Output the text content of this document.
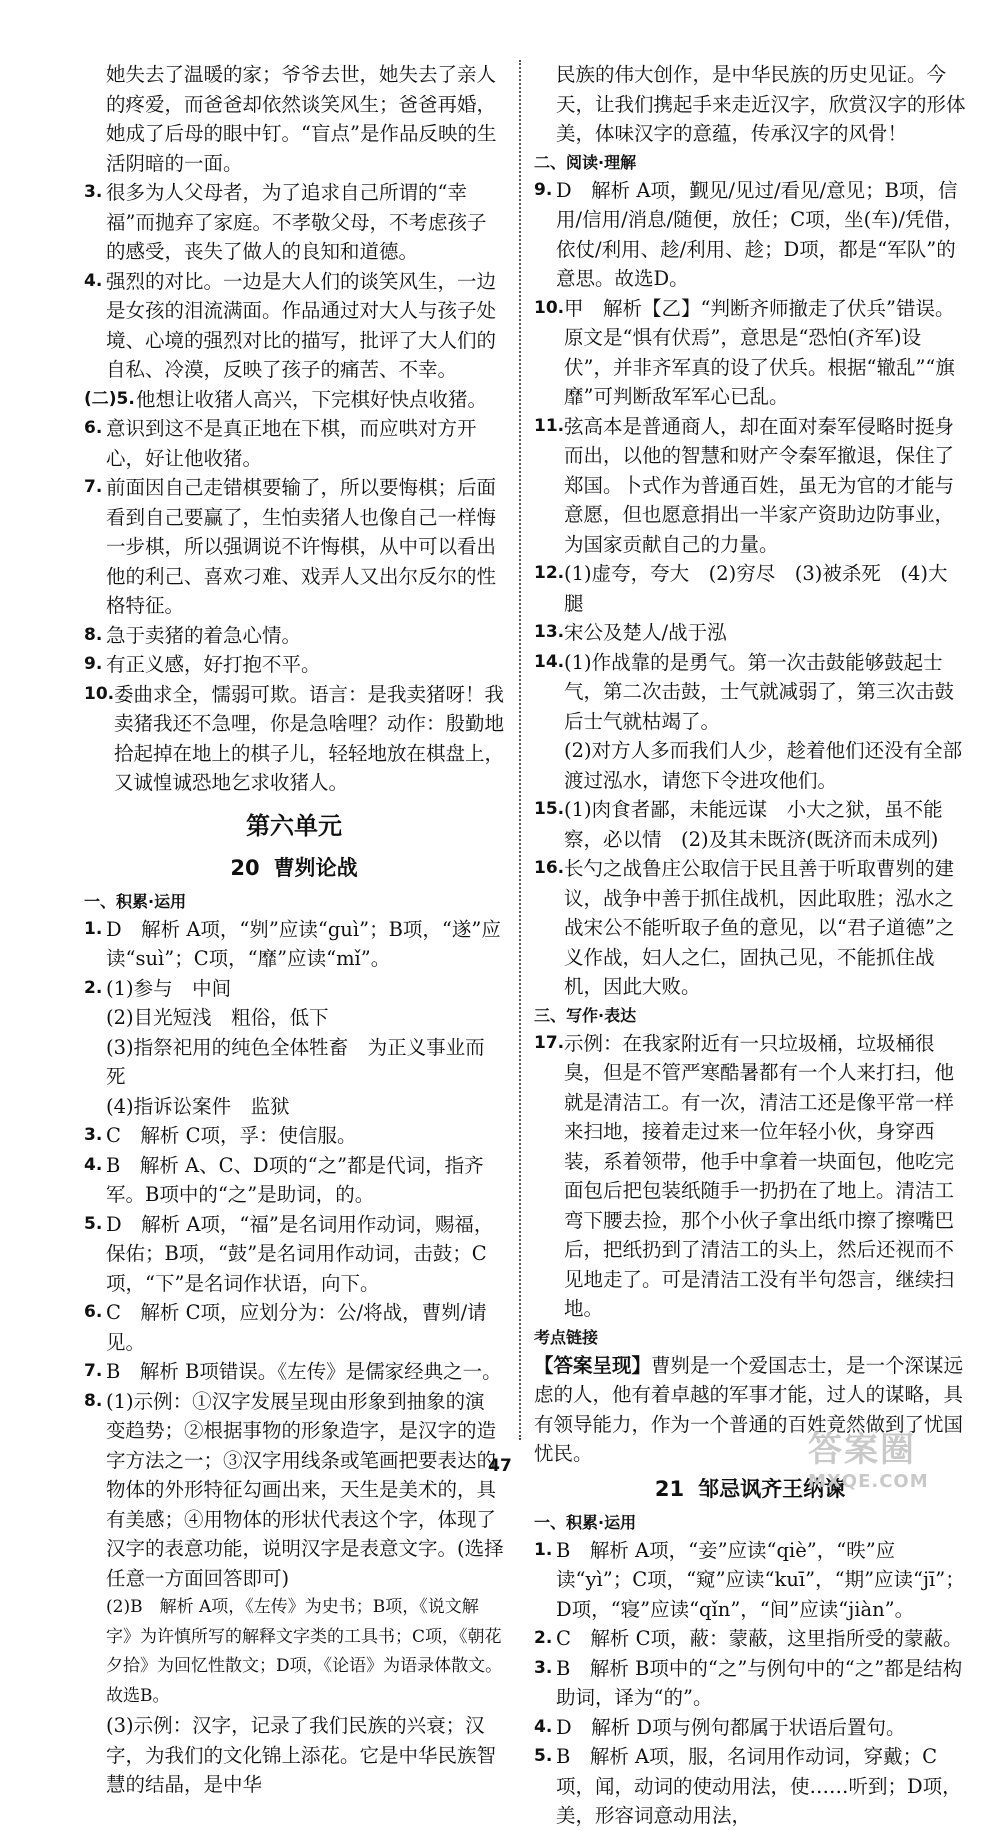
她失去了温暖的家；爷爷去世，她失去了亲人的疼爱，而爸爸却依然谈笑风生；爸爸再婚，她成了后母的眼中钉。“盲点”是作品反映的生活阴暗的一面。

3. 很多为人父母者，为了追求自己所谓的“幸福”而抛弃了家庭。不孝敬父母，不考虑孩子的感受，丧失了做人的良知和道德。
4. 强烈的对比。一边是大人们的谈笑风生，一边是女孩的泪流满面。作品通过对大人与孩子处境、心境的强烈对比的描写，批评了大人们的自私、冷漠，反映了孩子的痛苦、不幸。
(二)5. 他想让收猪人高兴，下完棋好快点收猪。
6. 意识到这不是真正地在下棋，而应哄对方开心，好让他收猪。
7. 前面因自己走错棋要输了，所以要悔棋；后面看到自己要赢了，生怕卖猪人也像自己一样悔一步棋，所以强调说不许悔棋，从中可以看出他的利己、喜欢刁难、戏弄人又出尔反尔的性格特征。
8. 急于卖猪的着急心情。
9. 有正义感，好打抱不平。
10. 委曲求全，懦弱可欺。语言：是我卖猪呀！我卖猪我还不急哩，你是急啥哩？动作：殷勤地拾起掉在地上的棋子儿，轻轻地放在棋盘上，又诚惶诚恐地乞求收猪人。
第六单元
20 曹刿论战

一、积累·运用

1. D　解析 A项，“刿”应读“guì”；B项，“遂”应读“suì”；C项，“靡”应读“mǐ”。
2. (1)参与　中间
(2)目光短浅　粗俗，低下
(3)指祭祀用的纯色全体牲畜　为正义事业而死
(4)指诉讼案件　监狱
3. C　解析 C项，孚：使信服。
4. B　解析 A、C、D项的“之”都是代词，指齐军。B项中的“之”是助词，的。
5. D　解析 A项，“福”是名词用作动词，赐福，保佑；B项，“鼓”是名词用作动词，击鼓；C项，“下”是名词作状语，向下。
6. C　解析 C项，应划分为：公/将战，曹刿/请见。
7. B　解析 B项错误。《左传》是儒家经典之一。
8. (1)示例：①汉字发展呈现由形象到抽象的演变趋势；②根据事物的形象造字，是汉字的造字方法之一；③汉字用线条或笔画把要表达的物体的外形特征勾画出来，天生是美术的，具有美感；④用物体的形状代表这个字，体现了汉字的表意功能，说明汉字是表意文字。(选择任意一方面回答即可)
(2)B　解析 A项，《左传》为史书；B项，《说文解字》为许慎所写的解释文字类的工具书；C项，《朝花夕拾》为回忆性散文；D项，《论语》为语录体散文。故选B。
(3)示例：汉字，记录了我们民族的兴衰；汉字，为我们的文化锦上添花。它是中华民族智慧的结晶，是中华

民族的伟大创作，是中华民族的历史见证。今天，让我们携起手来走近汉字，欣赏汉字的形体美，体味汉字的意蕴，传承汉字的风骨！

二、阅读·理解

9. D　解析 A项，觐见/见过/看见/意见；B项，信用/信用/消息/随便，放任；C项，坐(车)/凭借，依仗/利用、趁/利用、趁；D项，都是“军队”的意思。故选D。
10. 甲　解析【乙】“判断齐师撤走了伏兵”错误。原文是“惧有伏焉”，意思是“恐怕(齐军)设伏”，并非齐军真的设了伏兵。根据“辙乱”“旗靡”可判断敌军军心已乱。
11. 弦高本是普通商人，却在面对秦军侵略时挺身而出，以他的智慧和财产令秦军撤退，保住了郑国。卜式作为普通百姓，虽无为官的才能与意愿，但也愿意捐出一半家产资助边防事业，为国家贡献自己的力量。
12. (1)虚夸，夸大　(2)穷尽　(3)被杀死　(4)大腿
13. 宋公及楚人/战于泓
14. (1)作战靠的是勇气。第一次击鼓能够鼓起士气，第二次击鼓，士气就减弱了，第三次击鼓后士气就枯竭了。
(2)对方人多而我们人少，趁着他们还没有全部渡过泓水，请您下令进攻他们。
15. (1)肉食者鄙，未能远谋　小大之狱，虽不能察，必以情　(2)及其未既济(既济而未成列)
16. 长勺之战鲁庄公取信于民且善于听取曹刿的建议，战争中善于抓住战机，因此取胜；泓水之战宋公不能听取子鱼的意见，以“君子道德”之义作战，妇人之仁，固执己见，不能抓住战机，因此大败。

三、写作·表达

17. 示例：在我家附近有一只垃圾桶，垃圾桶很臭，但是不管严寒酷暑都有一个人来打扫，他就是清洁工。有一次，清洁工还是像平常一样来扫地，接着走过来一位年轻小伙，身穿西装，系着领带，他手中拿着一块面包，他吃完面包后把包装纸随手一扔扔在了地上。清洁工弯下腰去捡，那个小伙子拿出纸巾擦了擦嘴巴后，把纸扔到了清洁工的头上，然后还视而不见地走了。可是清洁工没有半句怨言，继续扫地。

考点链接

【答案呈现】曹刿是一个爱国志士，是一个深谋远虑的人，他有着卓越的军事才能，过人的谋略，具有领导能力，作为一个普通的百姓竟然做到了忧国忧民。

21 邹忌讽齐王纳谏

一、积累·运用

1. B　解析 A项，“妾”应读“qiè”，“昳”应读“yì”；C项，“窥”应读“kuī”，“期”应读“jī”；D项，“寝”应读“qǐn”，“间”应读“jiàn”。
2. C　解析 C项，蔽：蒙蔽，这里指所受的蒙蔽。
3. B　解析 B项中的“之”与例句中的“之”都是结构助词，译为“的”。
4. D　解析 D项与例句都属于状语后置句。
5. B　解析 A项，服，名词用作动词，穿戴；C项，闻，动词的使动用法，使……听到；D项，美，形容词意动用法，
47	答案圈
MXQE.COM
